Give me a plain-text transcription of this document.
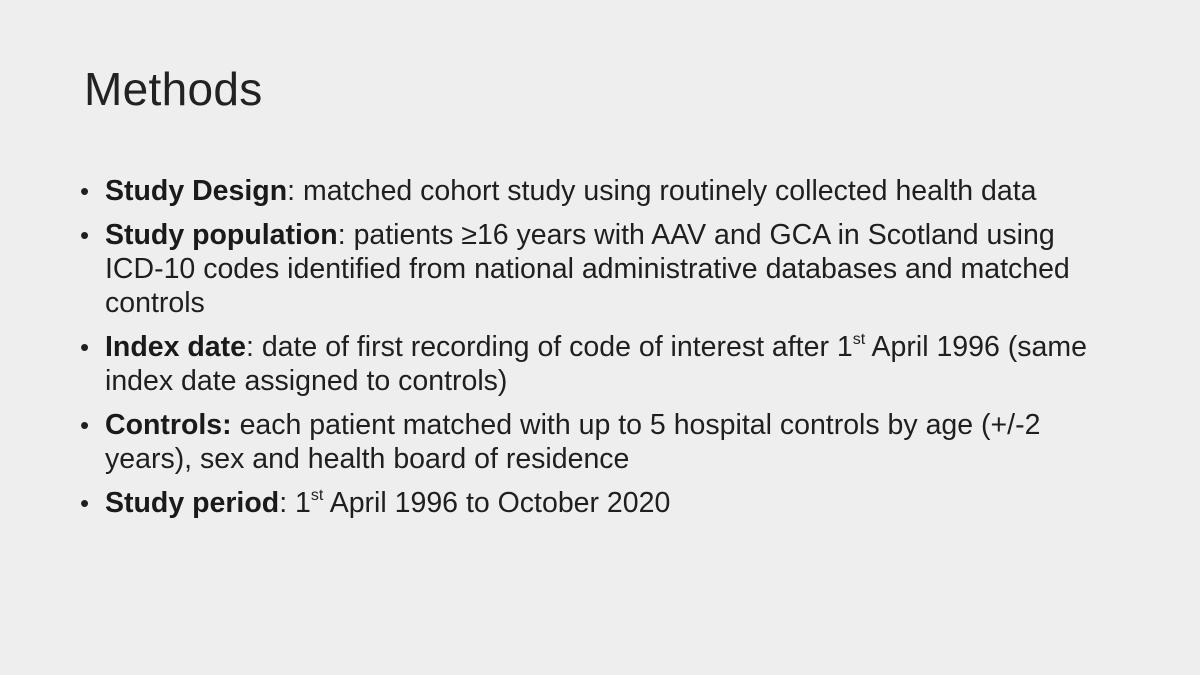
Methods
• Study Design: matched cohort study using routinely collected health data
• Study population: patients ≥16 years with AAV and GCA in Scotland using ICD-10 codes identified from national administrative databases and matched controls
• Index date: date of first recording of code of interest after 1st April 1996 (same index date assigned to controls)
• Controls: each patient matched with up to 5 hospital controls by age (+/-2 years), sex and health board of residence
• Study period: 1st April 1996 to October 2020
